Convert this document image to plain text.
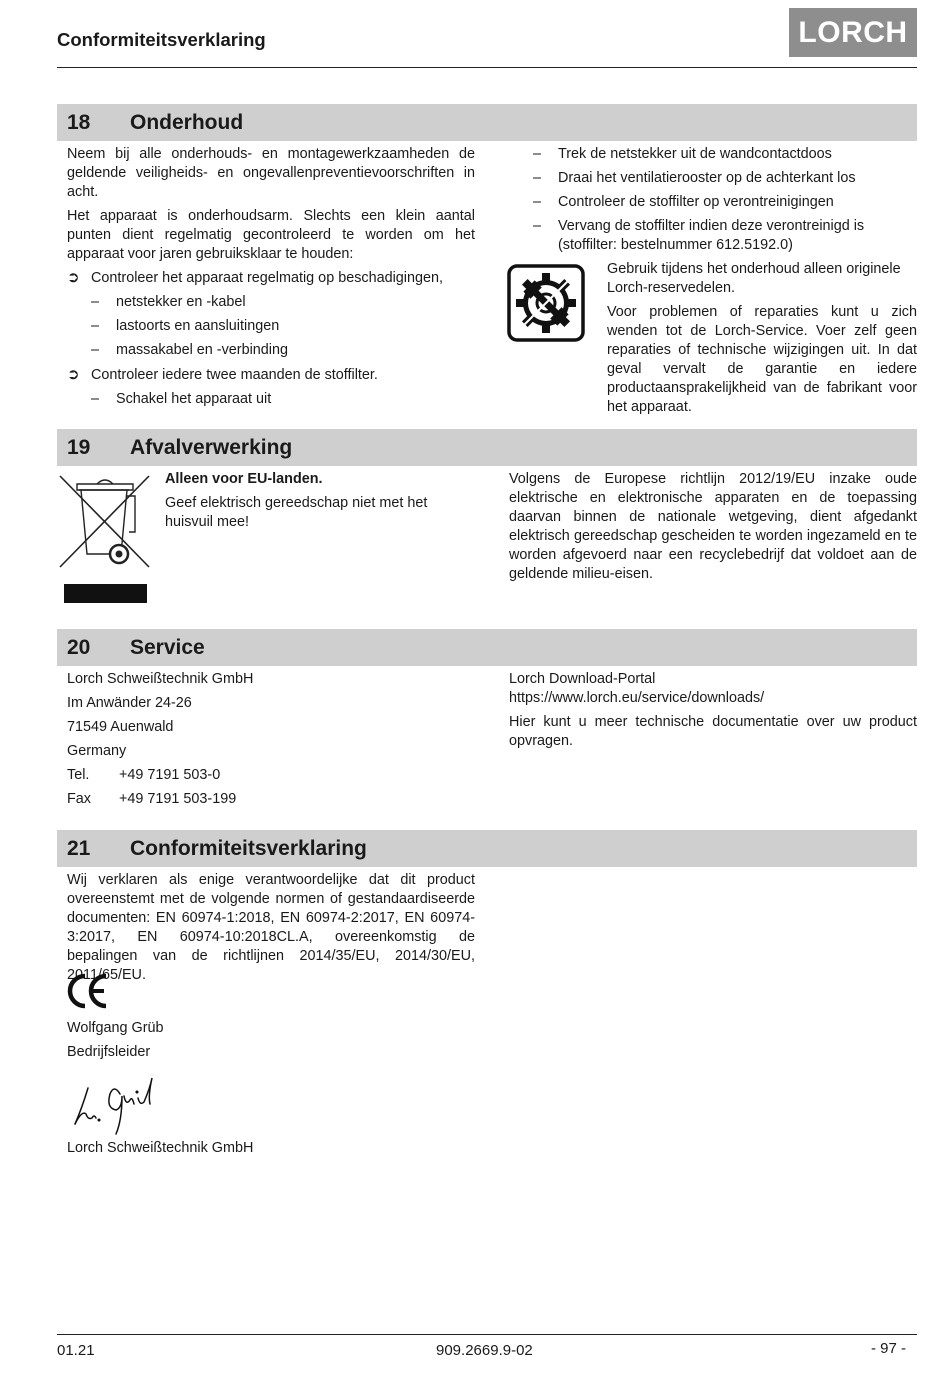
Conformiteitsverklaring	LORCH
18 Onderhoud
Neem bij alle onderhouds- en montagewerkzaamheden de geldende veiligheids- en ongevallenpreventievoorschriften in acht.
Het apparaat is onderhoudsarm. Slechts een klein aantal punten dient regelmatig gecontroleerd te worden om het apparaat voor jaren gebruiksklaar te houden:
➲ Controleer het apparaat regelmatig op beschadigingen,
– netstekker en -kabel
– lastoorts en aansluitingen
– massakabel en -verbinding
➲ Controleer iedere twee maanden de stoffilter.
– Schakel het apparaat uit
– Trek de netstekker uit de wandcontactdoos
– Draai het ventilatierooster op de achterkant los
– Controleer de stoffilter op verontreinigingen
– Vervang de stoffilter indien deze verontreinigd is (stoffilter: bestelnummer 612.5192.0)
Gebruik tijdens het onderhoud alleen originele Lorch-reservedelen.
Voor problemen of reparaties kunt u zich wenden tot de Lorch-Service. Voer zelf geen reparaties of technische wijzigingen uit. In dat geval vervalt de garantie en iedere productaansprakelijkheid van de fabrikant voor het apparaat.
19 Afvalverwerking
Alleen voor EU-landen.
Geef elektrisch gereedschap niet met het huisvuil mee!
Volgens de Europese richtlijn 2012/19/EU inzake oude elektrische en elektronische apparaten en de toepassing daarvan binnen de nationale wetgeving, dient afgedankt elektrisch gereedschap gescheiden te worden ingezameld en te worden afgevoerd naar een recyclebedrijf dat voldoet aan de geldende milieu-eisen.
20 Service
Lorch Schweißtechnik GmbH
Im Anwänder 24-26
71549 Auenwald
Germany
Tel. +49 7191 503-0
Fax +49 7191 503-199
Lorch Download-Portal
https://www.lorch.eu/service/downloads/
Hier kunt u meer technische documentatie over uw product opvragen.
21 Conformiteitsverklaring
Wij verklaren als enige verantwoordelijke dat dit product overeenstemt met de volgende normen of gestandaardiseerde documenten: EN 60974-1:2018, EN 60974-2:2017, EN 60974-3:2017, EN 60974-10:2018CL.A, overeenkomstig de bepalingen van de richtlijnen 2014/35/EU, 2014/30/EU, 2011/65/EU.
Wolfgang Grüb
Bedrijfsleider
Lorch Schweißtechnik GmbH
01.21	909.2669.9-02	- 97 -
